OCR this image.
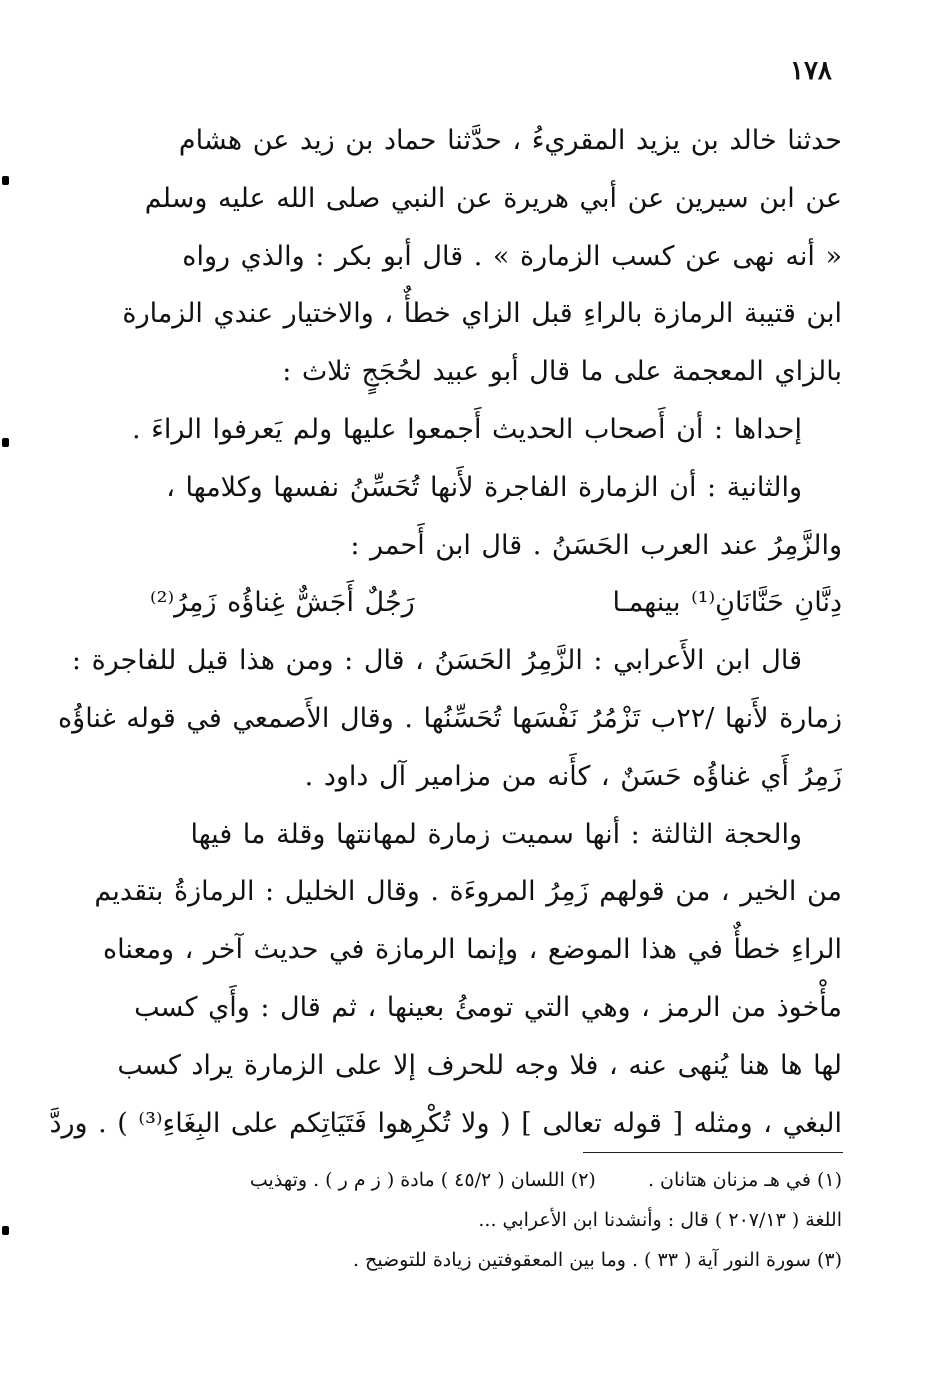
١٧٨
حدثنا خالد بن يزيد المقريءُ ، حدَّثنا حماد بن زيد عن هشام
عن ابن سيرين عن أبي هريرة عن النبي صلى الله عليه وسلم
« أنه نهى عن كسب الزمارة » . قال أبو بكر : والذي رواه
ابن قتيبة الرمازة بالراءِ قبل الزاي خطأٌ ، والاختيار عندي الزمارة
بالزاي المعجمة على ما قال أبو عبيد لحُجَجٍ ثلاث :
إحداها : أن أَصحاب الحديث أَجمعوا عليها ولم يَعرفوا الراءَ .
والثانية : أن الزمارة الفاجرة لأَنها تُحَسِّنُ نفسها وكلامها ،
والزَّمِرُ عند العرب الحَسَنُ . قال ابن أَحمر :
دِنَّانِ حَنَّانَانِ⁽¹⁾ بينهمـا
رَجُلٌ أَجَشٌّ غِناؤُه زَمِرُ⁽²⁾
قال ابن الأَعرابي : الزَّمِرُ الحَسَنُ ، قال : ومن هذا قيل للفاجرة :
زمارة لأَنها /٢٢ب تَزْمُرُ نَفْسَها تُحَسِّنُها . وقال الأَصمعي في قوله غناؤُه
زَمِرُ أَي غناؤُه حَسَنٌ ، كأَنه من مزامير آل داود .
والحجة الثالثة : أنها سميت زمارة لمهانتها وقلة ما فيها
من الخير ، من قولهم زَمِرُ المروءَة . وقال الخليل : الرمازةُ بتقديم
الراءِ خطأٌ في هذا الموضع ، وإنما الرمازة في حديث آخر ، ومعناه
مأْخوذ من الرمز ، وهي التي تومئُ بعينها ، ثم قال : وأَي كسب
لها ها هنا يُنهى عنه ، فلا وجه للحرف إلا على الزمارة يراد كسب
البغي ، ومثله [ قوله تعالى ] ( ولا تُكْرِهوا فَتَيَاتِكم على البِغَاءِ⁽³⁾ ) . وردَّ
(١) في هـ مزنان هتانان .  (٢) اللسان ( ٤٥/٢ ) مادة ( ز م ر ) . وتهذيب
اللغة ( ٢٠٧/١٣ ) قال : وأنشدنا ابن الأعرابي ...
(٣) سورة النور آية ( ٣٣ ) . وما بين المعقوفتين زيادة للتوضيح .
